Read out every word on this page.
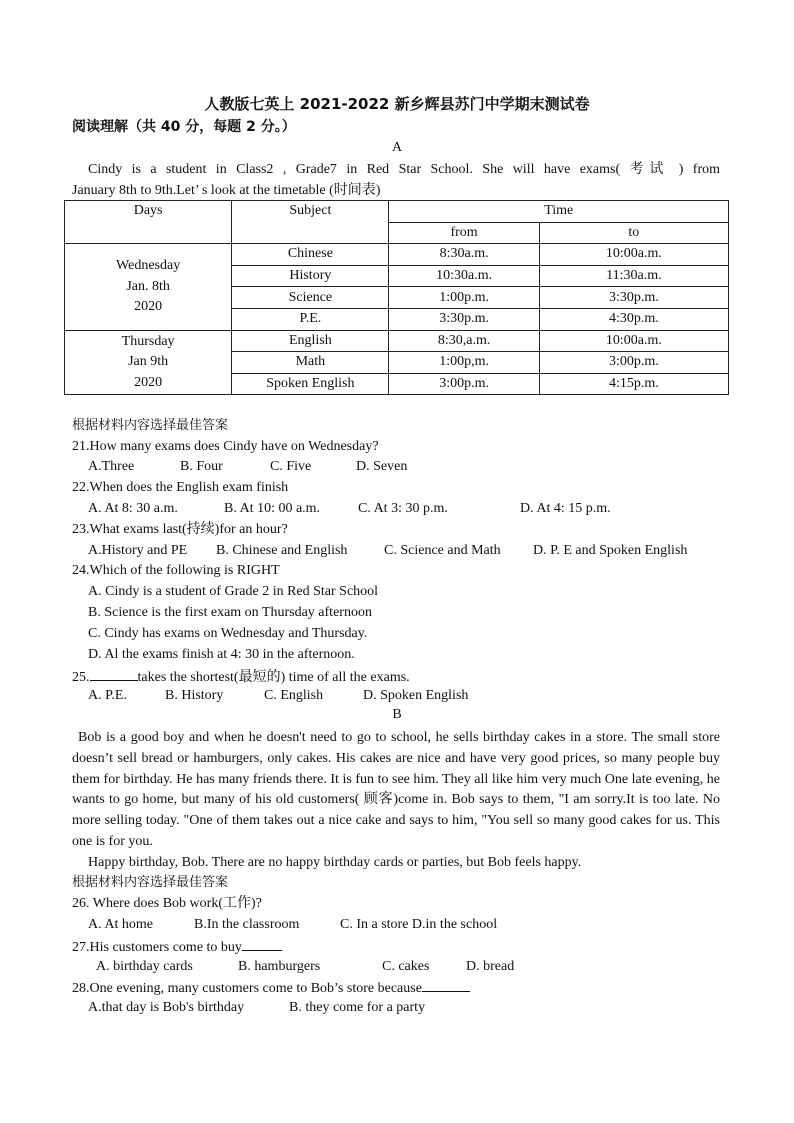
人教版七英上 2021-2022 新乡辉县苏门中学期末测试卷
阅读理解（共 40 分，每题 2 分。）
A
Cindy is a student in Class2 , Grade7 in Red Star School. She will have exams( 考试 ) from
January 8th to 9th.Let’ s look at the timetable (时间表)
Days	Subject	Time	
		from	to

Wednesday
Jan. 8th
2020	Chinese	8:30a.m.	10:00a.m.
	History	10:30a.m.	11:30a.m.
	Science	1:00p.m.	3:30p.m.
	P.E.	3:30p.m.	4:30p.m.

Thursday
Jan 9th
2020	English	8:30,a.m.	10:00a.m.
	Math	1:00p,m.	3:00p.m.
	Spoken English	3:00p.m.	4:15p.m.
根据材料内容选择最佳答案
21.How many exams does Cindy have on Wednesday?
A.Three	B. Four	C. Five	D. Seven
22.When does the English exam finish
A. At 8: 30 a.m.	B. At 10: 00 a.m.	C. At 3: 30 p.m.	D. At 4: 15 p.m.
23.What exams last(持续)for an hour?
A.History and PE B. Chinese and English	C. Science and Math D. P. E and Spoken English
24.Which of the following is RIGHT
A. Cindy is a student of Grade 2 in Red Star School
B. Science is the first exam on Thursday afternoon
C. Cindy has exams on Wednesday and Thursday.
D. Al the exams finish at 4: 30 in the afternoon.
25.	takes the shortest(最短的) time of all the exams.
A. P.E.	B. History	C. English	D. Spoken English
B
Bob is a good boy and when he doesn't need to go to school, he sells birthday cakes in a store. The small store doesn’t sell bread or hamburgers, only cakes. His cakes are nice and have very good prices, so many people buy them for birthday. He has many friends there. It is fun to see him. They all like him very much One late evening, he wants to go home, but many of his old customers( 顾客)come in. Bob says to them, "I am sorry.It is too late. No more selling today. "One of them takes out a nice cake and says to him, "You sell so many good cakes for us. This one is for you.
Happy birthday, Bob. There are no happy birthday cards or parties, but Bob feels happy.
根据材料内容选择最佳答案
26. Where does Bob work(工作)?
A. At home	B.In the classroom	C. In a store D.in the school
27.His customers come to buy
A. birthday cards	B. hamburgers	C. cakes	D. bread
28.One evening, many customers come to Bob’s store because
A.that day is Bob's birthday	B. they come for a party
